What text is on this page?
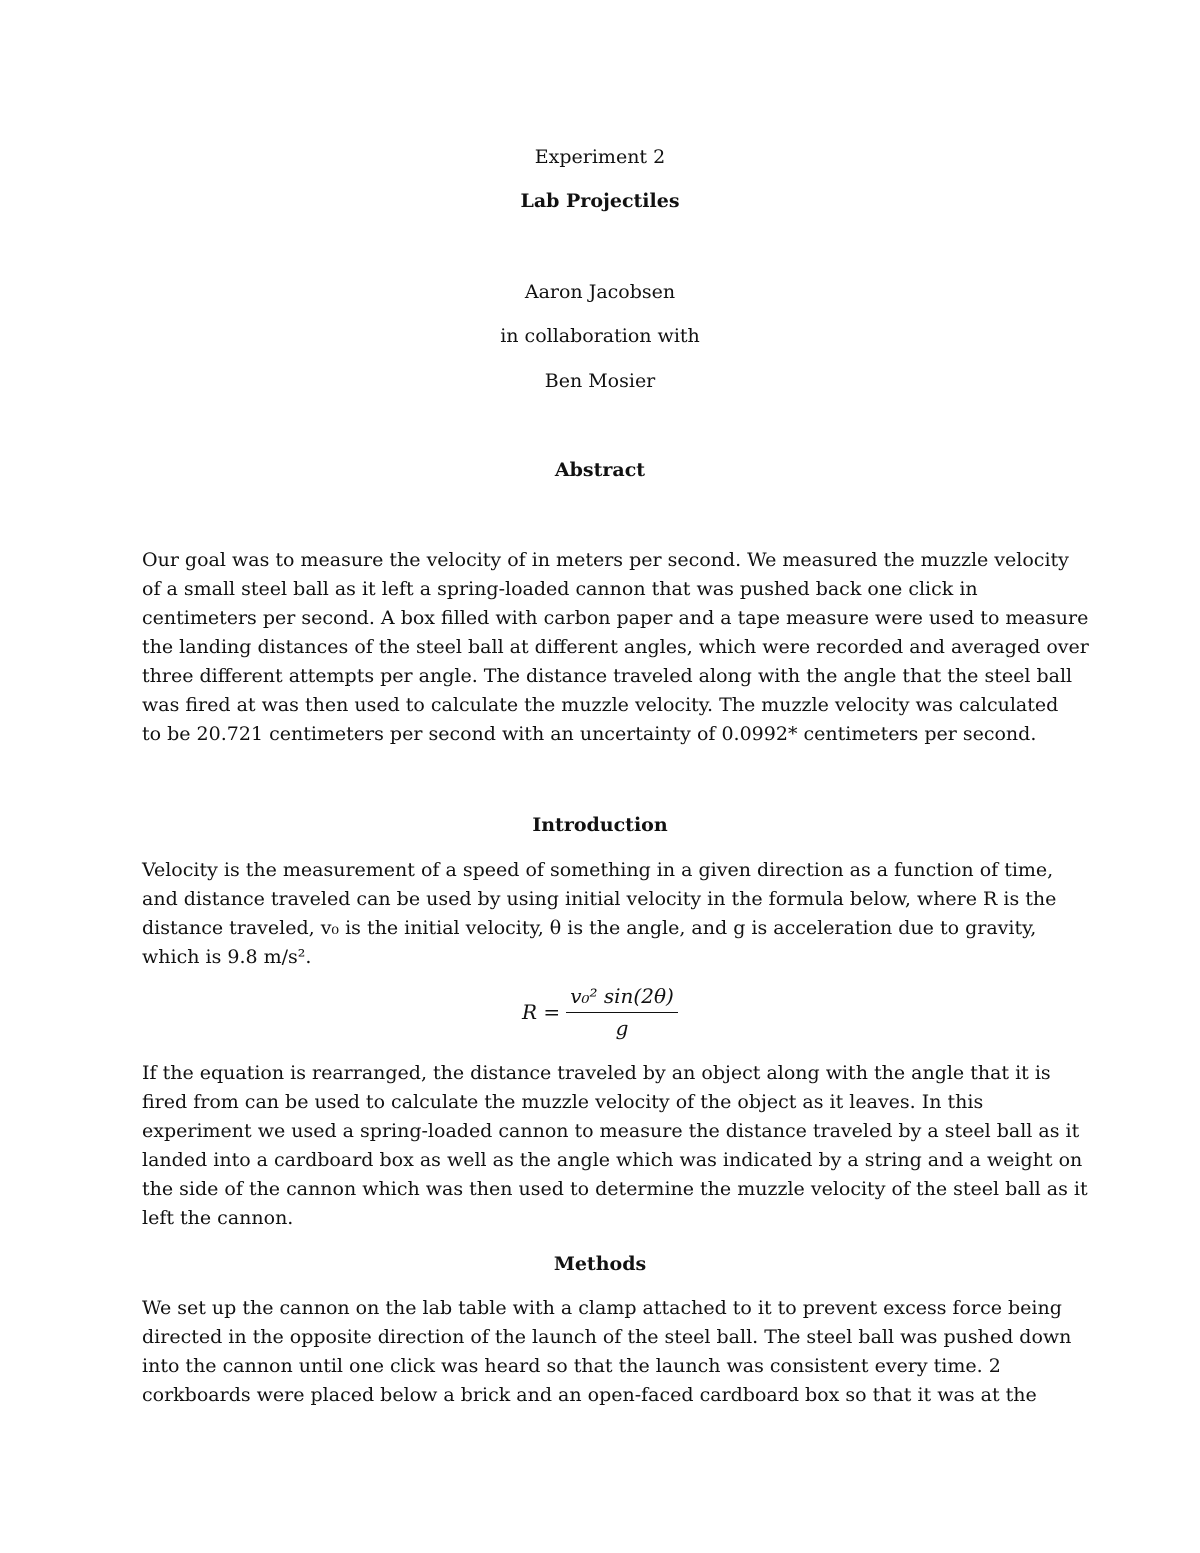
Experiment 2
Lab Projectiles
Aaron Jacobsen
in collaboration with
Ben Mosier
Abstract
Our goal was to measure the velocity of in meters per second. We measured the muzzle velocity
of a small steel ball as it left a spring-loaded cannon that was pushed back one click in
centimeters per second. A box filled with carbon paper and a tape measure were used to measure
the landing distances of the steel ball at different angles, which were recorded and averaged over
three different attempts per angle. The distance traveled along with the angle that the steel ball
was fired at was then used to calculate the muzzle velocity. The muzzle velocity was calculated
to be 20.721 centimeters per second with an uncertainty of 0.0992* centimeters per second.
Introduction
Velocity is the measurement of a speed of something in a given direction as a function of time,
and distance traveled can be used by using initial velocity in the formula below, where R is the
distance traveled, v₀ is the initial velocity, θ is the angle, and g is acceleration due to gravity,
which is 9.8 m/s².
R =
v₀² sin(2θ)
g
If the equation is rearranged, the distance traveled by an object along with the angle that it is
fired from can be used to calculate the muzzle velocity of the object as it leaves. In this
experiment we used a spring-loaded cannon to measure the distance traveled by a steel ball as it
landed into a cardboard box as well as the angle which was indicated by a string and a weight on
the side of the cannon which was then used to determine the muzzle velocity of the steel ball as it
left the cannon.
Methods
We set up the cannon on the lab table with a clamp attached to it to prevent excess force being
directed in the opposite direction of the launch of the steel ball. The steel ball was pushed down
into the cannon until one click was heard so that the launch was consistent every time. 2
corkboards were placed below a brick and an open-faced cardboard box so that it was at the
